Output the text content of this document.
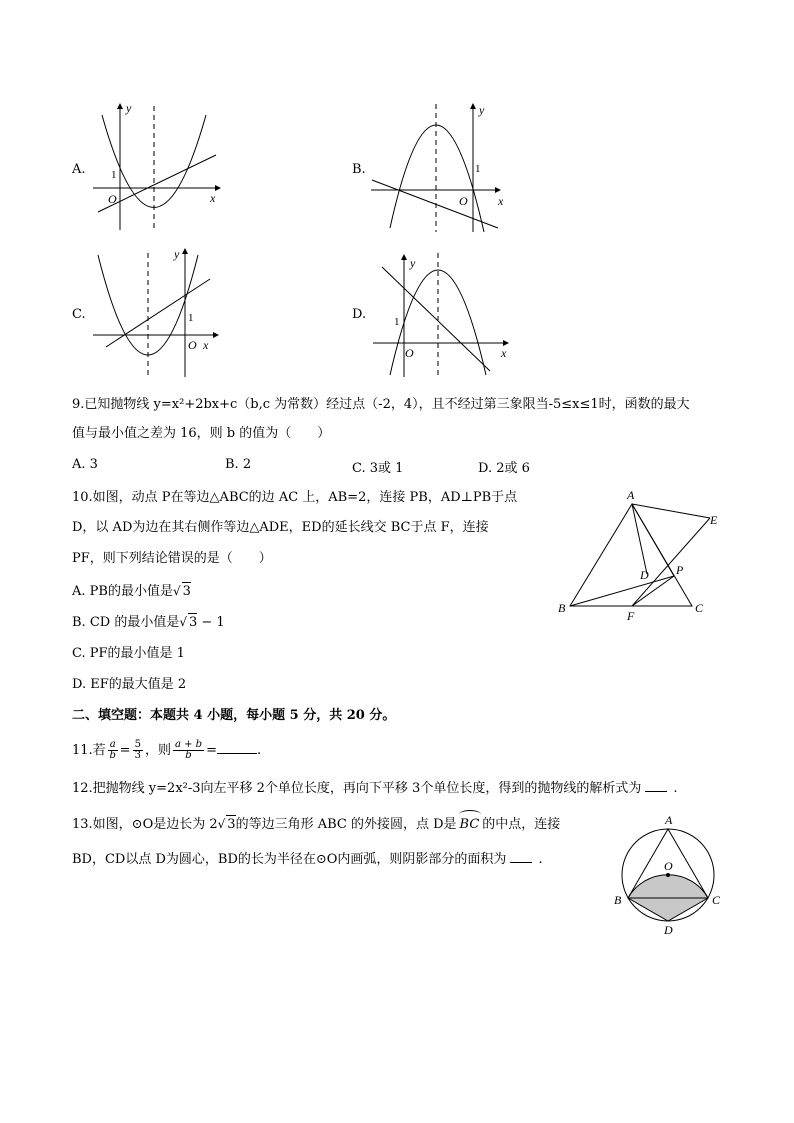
A.
y
x
O
1	B.
y
x
O
1
C.
y
x
O
1	D.
y
x
O
1
9.已知抛物线 y=x²+2bx+c（b,c 为常数）经过点（-2，4），且不经过第三象限当-5≤x≤1时，函数的最大
值与最小值之差为 16，则 b 的值为（　　）
A. 3	B. 2	C. 3或 1	D. 2或 6
10.如图，动点 P在等边△ABC的边 AC 上，AB=2，连接 PB，AD⊥PB于点
D，以 AD为边在其右侧作等边△ADE，ED的延长线交 BC于点 F，连接
PF，则下列结论错误的是（　　）
A. PB的最小值是√ 3
B. CD 的最小值是√ 3 − 1
C. PF的最小值是 1
D. EF的最大值是 2
A
B	C
D
E
F
P
二、填空题：本题共 4 小题，每小题 5 分，共 20 分。
11.若 $\frac{a}{b} = \frac{5}{3}$ ，则 $\frac{a + b}{b}$ =	.
12.把抛物线 y=2x²-3向左平移 2个单位长度，再向下平移 3个单位长度，得到的抛物线的解析式为 .
13.如图，⊙O是边长为 2√ 3的等边三角形 ABC 的外接圆，点 D是 BC 的中点，连接
BD，CD以点 D为圆心，BD的长为半径在⊙O内画弧，则阴影部分的面积为 .
A
B	C
D
O
